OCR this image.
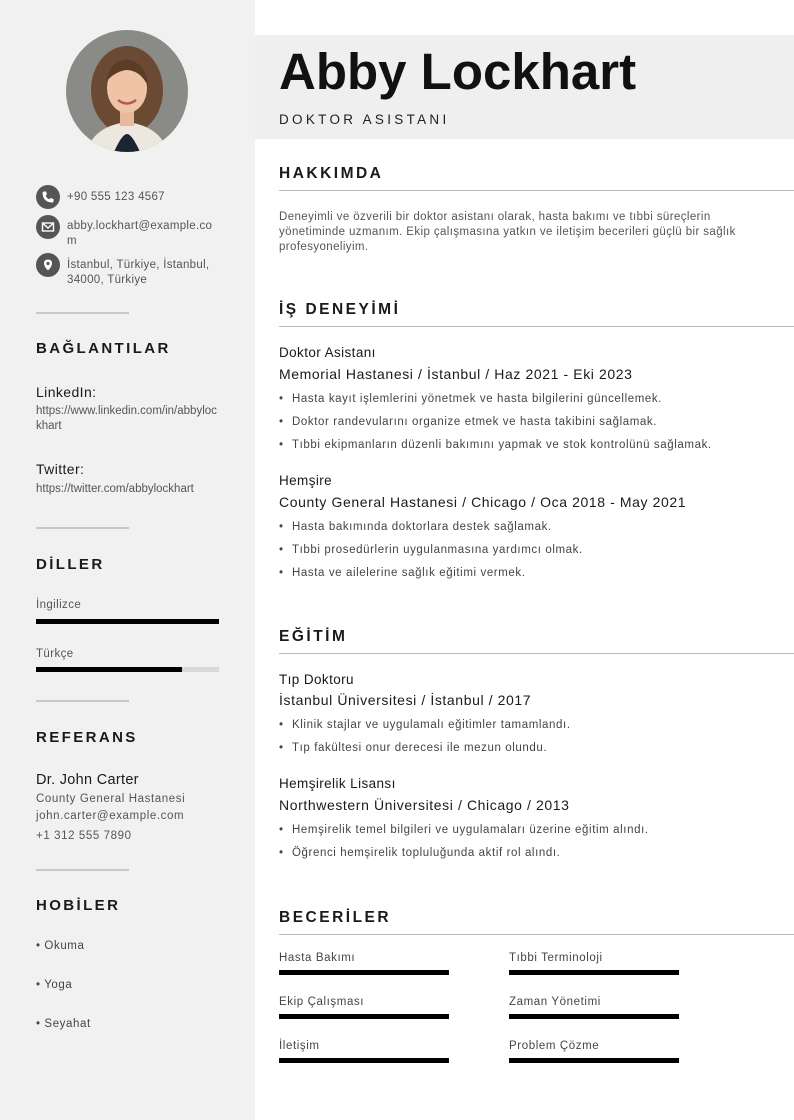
+90 555 123 4567
abby.lockhart@example.com
İstanbul, Türkiye, İstanbul, 34000, Türkiye
BAĞLANTILAR
LinkedIn:
https://www.linkedin.com/in/abbylockhart
Twitter:
https://twitter.com/abbylockhart
DİLLER
İngilizce
Türkçe
REFERANS
Dr. John Carter
County General Hastanesi
john.carter@example.com
+1 312 555 7890
HOBİLER
• Okuma
• Yoga
• Seyahat
Abby Lockhart
DOKTOR ASISTANI
HAKKIMDA
Deneyimli ve özverili bir doktor asistanı olarak, hasta bakımı ve tıbbi süreçlerin yönetiminde uzmanım. Ekip çalışmasına yatkın ve iletişim becerileri güçlü bir sağlık profesyoneliyim.
İŞ DENEYİMİ
Doktor Asistanı
Memorial Hastanesi / İstanbul / Haz 2021 - Eki 2023
• Hasta kayıt işlemlerini yönetmek ve hasta bilgilerini güncellemek.
• Doktor randevularını organize etmek ve hasta takibini sağlamak.
• Tıbbi ekipmanların düzenli bakımını yapmak ve stok kontrolünü sağlamak.
Hemşire
County General Hastanesi / Chicago / Oca 2018 - May 2021
• Hasta bakımında doktorlara destek sağlamak.
• Tıbbi prosedürlerin uygulanmasına yardımcı olmak.
• Hasta ve ailelerine sağlık eğitimi vermek.
EĞİTİM
Tıp Doktoru
İstanbul Üniversitesi / İstanbul / 2017
• Klinik stajlar ve uygulamalı eğitimler tamamlandı.
• Tıp fakültesi onur derecesi ile mezun olundu.
Hemşirelik Lisansı
Northwestern Üniversitesi / Chicago / 2013
• Hemşirelik temel bilgileri ve uygulamaları üzerine eğitim alındı.
• Öğrenci hemşirelik topluluğunda aktif rol alındı.
BECERİLER
Hasta Bakımı	Tıbbi Terminoloji
Ekip Çalışması	Zaman Yönetimi
İletişim	Problem Çözme
